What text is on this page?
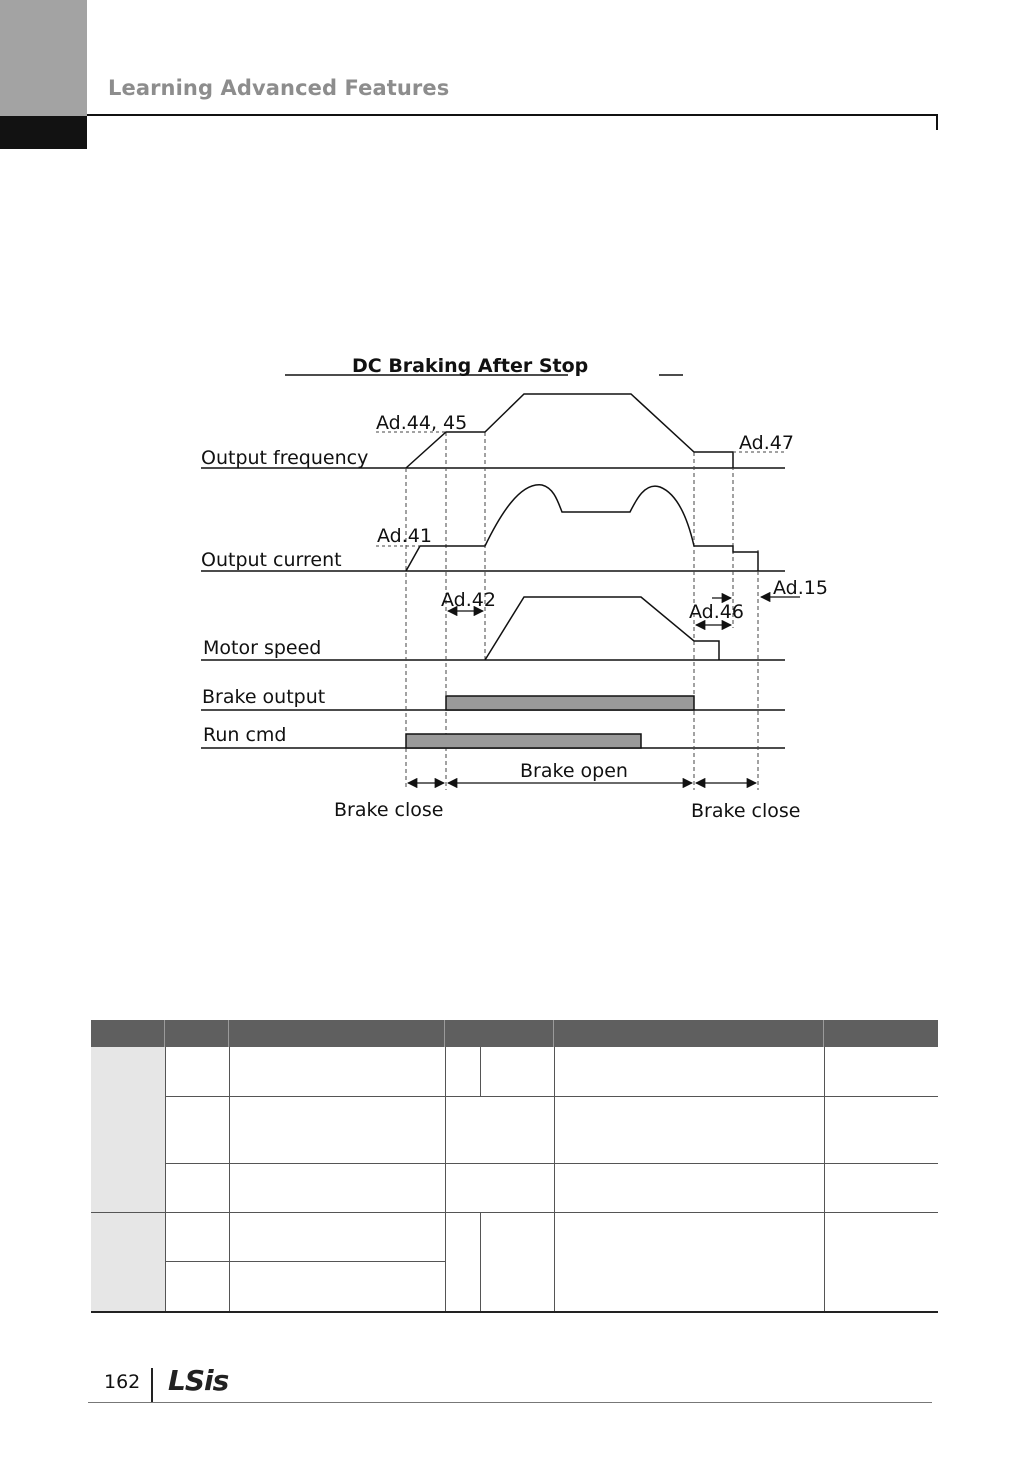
Learning Advanced Features
DC Braking After Stop
Output frequency
Output current
Motor speed
Brake output
Run cmd
Ad.44, 45
Ad.47
Ad.41
Ad.42
Ad.15
Ad.46
Brake open
Brake close	Brake close
162 LSis
